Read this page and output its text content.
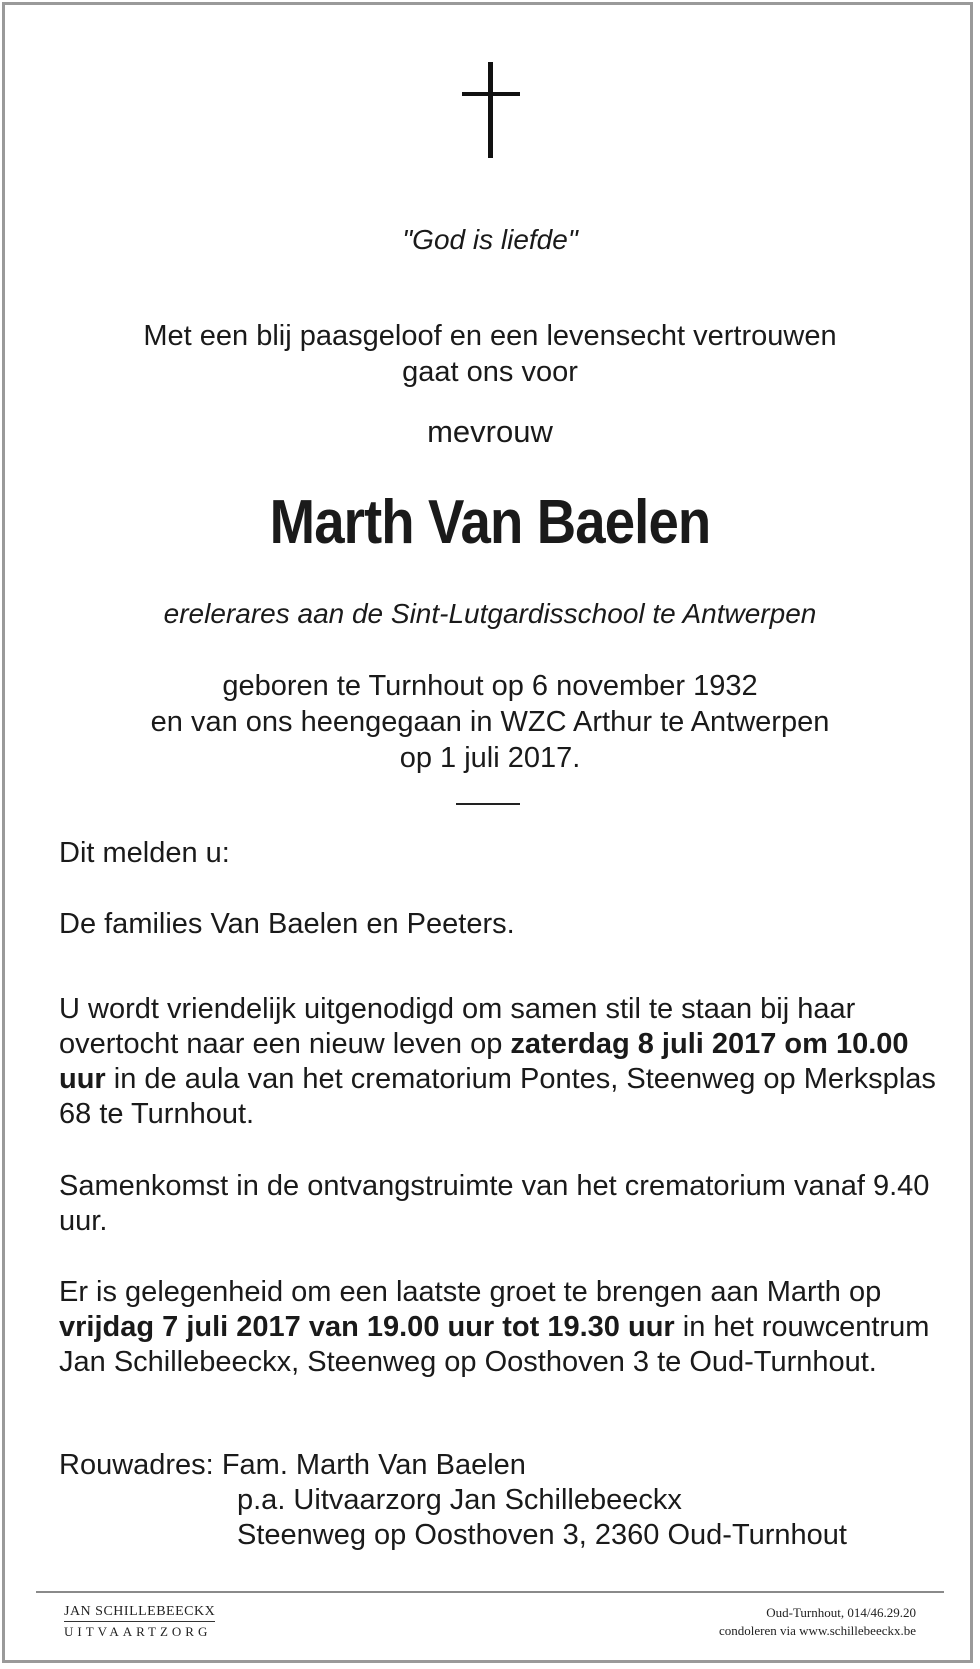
"God is liefde"
Met een blij paasgeloof en een levensecht vertrouwen
gaat ons voor
mevrouw
Marth Van Baelen
erelerares aan de Sint-Lutgardisschool te Antwerpen
geboren te Turnhout op 6 november 1932
en van ons heengegaan in WZC Arthur te Antwerpen
op 1 juli 2017.
Dit melden u:
De families Van Baelen en Peeters.
U wordt vriendelijk uitgenodigd om samen stil te staan bij haar overtocht naar een nieuw leven op zaterdag 8 juli 2017 om 10.00 uur in de aula van het crematorium Pontes, Steenweg op Merksplas 68 te Turnhout.
Samenkomst in de ontvangstruimte van het crematorium vanaf 9.40 uur.
Er is gelegenheid om een laatste groet te brengen aan Marth op vrijdag 7 juli 2017 van 19.00 uur tot 19.30 uur in het rouwcentrum Jan Schillebeeckx, Steenweg op Oosthoven 3 te Oud-Turnhout.
Rouwadres: Fam. Marth Van Baelen
p.a. Uitvaarzorg Jan Schillebeeckx
Steenweg op Oosthoven 3, 2360 Oud-Turnhout
JAN SCHILLEBEECKX
UITVAARTZORG
Oud-Turnhout, 014/46.29.20
condoleren via www.schillebeeckx.be
